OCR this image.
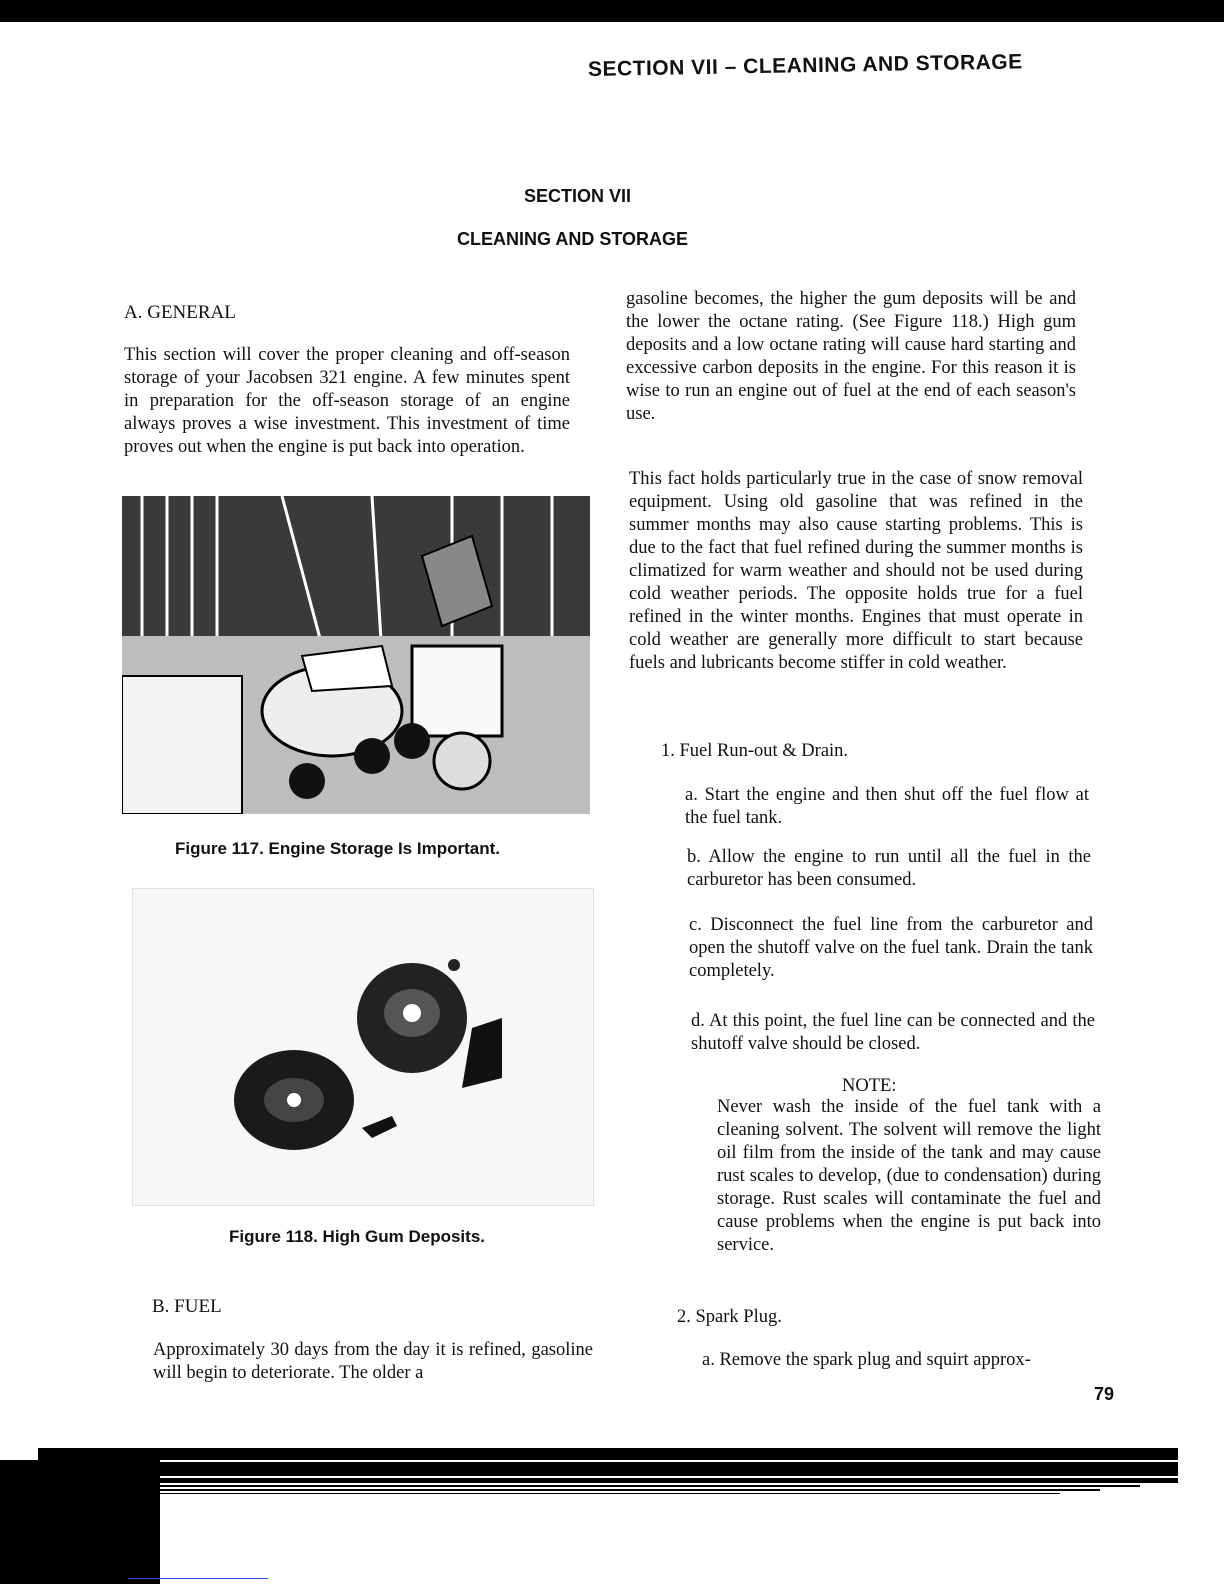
SECTION VII – CLEANING AND STORAGE
SECTION VII
CLEANING AND STORAGE
A. GENERAL

This section will cover the proper cleaning and off-season storage of your Jacobsen 321 engine. A few minutes spent in preparation for the off-season storage of an engine always proves a wise investment. This investment of time proves out when the engine is put back into operation.

Figure 117. Engine Storage Is Important.
Figure 118. High Gum Deposits.
B. FUEL

Approximately 30 days from the day it is refined, gasoline will begin to deteriorate. The older a

gasoline becomes, the higher the gum deposits will be and the lower the octane rating. (See Figure 118.) High gum deposits and a low octane rating will cause hard starting and excessive carbon deposits in the engine. For this reason it is wise to run an engine out of fuel at the end of each season's use.

This fact holds particularly true in the case of snow removal equipment. Using old gasoline that was refined in the summer months may also cause starting problems. This is due to the fact that fuel refined during the summer months is climatized for warm weather and should not be used during cold weather periods. The opposite holds true for a fuel refined in the winter months. Engines that must operate in cold weather are generally more difficult to start because fuels and lubricants become stiffer in cold weather.

1. Fuel Run-out & Drain.
a. Start the engine and then shut off the fuel flow at the fuel tank.
b. Allow the engine to run until all the fuel in the carburetor has been consumed.
c. Disconnect the fuel line from the carburetor and open the shutoff valve on the fuel tank. Drain the tank completely.
d. At this point, the fuel line can be connected and the shutoff valve should be closed.
NOTE:
Never wash the inside of the fuel tank with a cleaning solvent. The solvent will remove the light oil film from the inside of the tank and may cause rust scales to develop, (due to condensation) during storage. Rust scales will contaminate the fuel and cause problems when the engine is put back into service.
2. Spark Plug.
a. Remove the spark plug and squirt approx-
79
